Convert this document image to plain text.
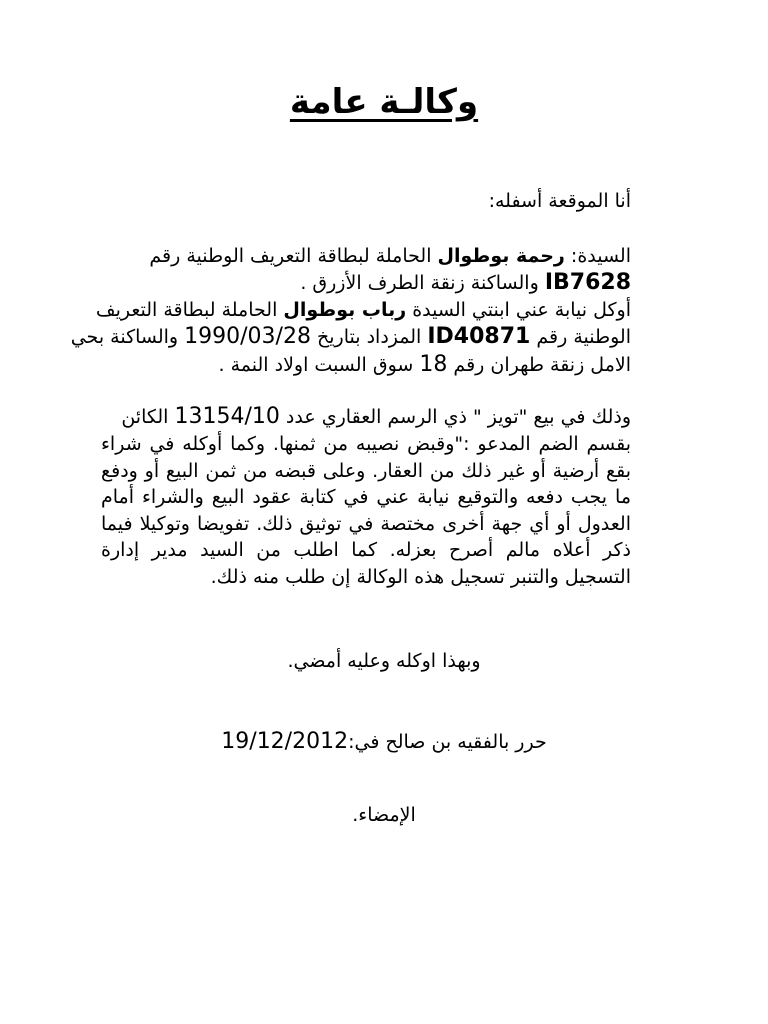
وكالـة عامة
أنا الموقعة أسفله:
السيدة: رحمة بوطوال الحاملة لبطاقة التعريف الوطنية رقم
IB7628 والساكنة زنقة الطرف الأزرق .
أوكل نيابة عني ابنتي السيدة رباب بوطوال الحاملة لبطاقة التعريف
الوطنية رقم ID40871 المزداد بتاريخ 1990/03/28 والساكنة بحي
الامل زنقة طهران رقم 18 سوق السبت اولاد النمة .
وذلك في بيع "تويز " ذي الرسم العقاري عدد 13154/10 الكائن
بقسم الضم المدعو :"وقبض نصيبه من ثمنها. وكما أوكله في شراء بقع أرضية أو غير ذلك من العقار. وعلى قبضه من ثمن البيع أو ودفع ما يجب دفعه والتوقيع نيابة عني في كتابة عقود البيع والشراء أمام العدول أو أي جهة أخرى مختصة في توثيق ذلك. تفويضا وتوكيلا فيما ذكر أعلاه مالم أصرح بعزله. كما اطلب من السيد مدير إدارة التسجيل والتنبر تسجيل هذه الوكالة إن طلب منه ذلك.
وبهذا اوكله وعليه أمضي.
حرر بالفقيه بن صالح في:19/12/2012
الإمضاء.
